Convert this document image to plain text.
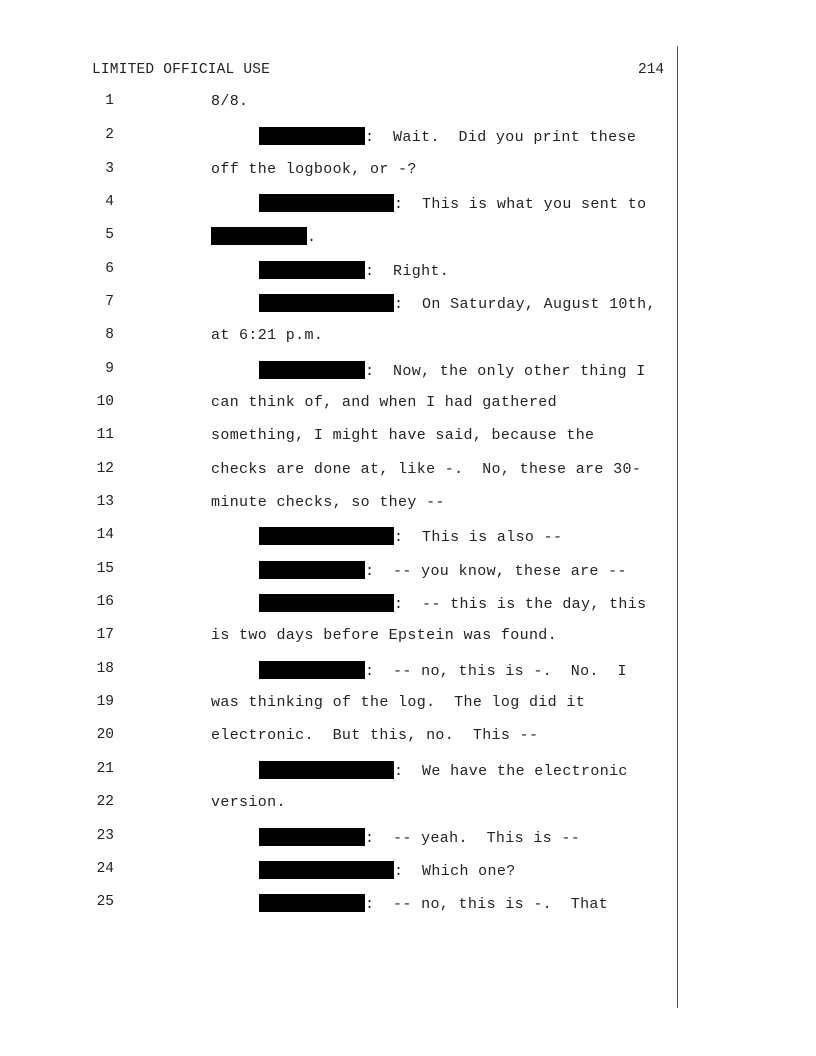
LIMITED OFFICIAL USE	214
1	8/8.
2	:  Wait.  Did you print these
3	off the logbook, or -?
4	:  This is what you sent to
5	.
6	:  Right.
7	:  On Saturday, August 10th,
8	at 6:21 p.m.
9	:  Now, the only other thing I
10	can think of, and when I had gathered
11	something, I might have said, because the
12	checks are done at, like -.  No, these are 30-
13	minute checks, so they --
14	:  This is also --
15	:  -- you know, these are --
16	:  -- this is the day, this
17	is two days before Epstein was found.
18	:  -- no, this is -.  No.  I
19	was thinking of the log.  The log did it
20	electronic.  But this, no.  This --
21	:  We have the electronic
22	version.
23	:  -- yeah.  This is --
24	:  Which one?
25	:  -- no, this is -.  That
